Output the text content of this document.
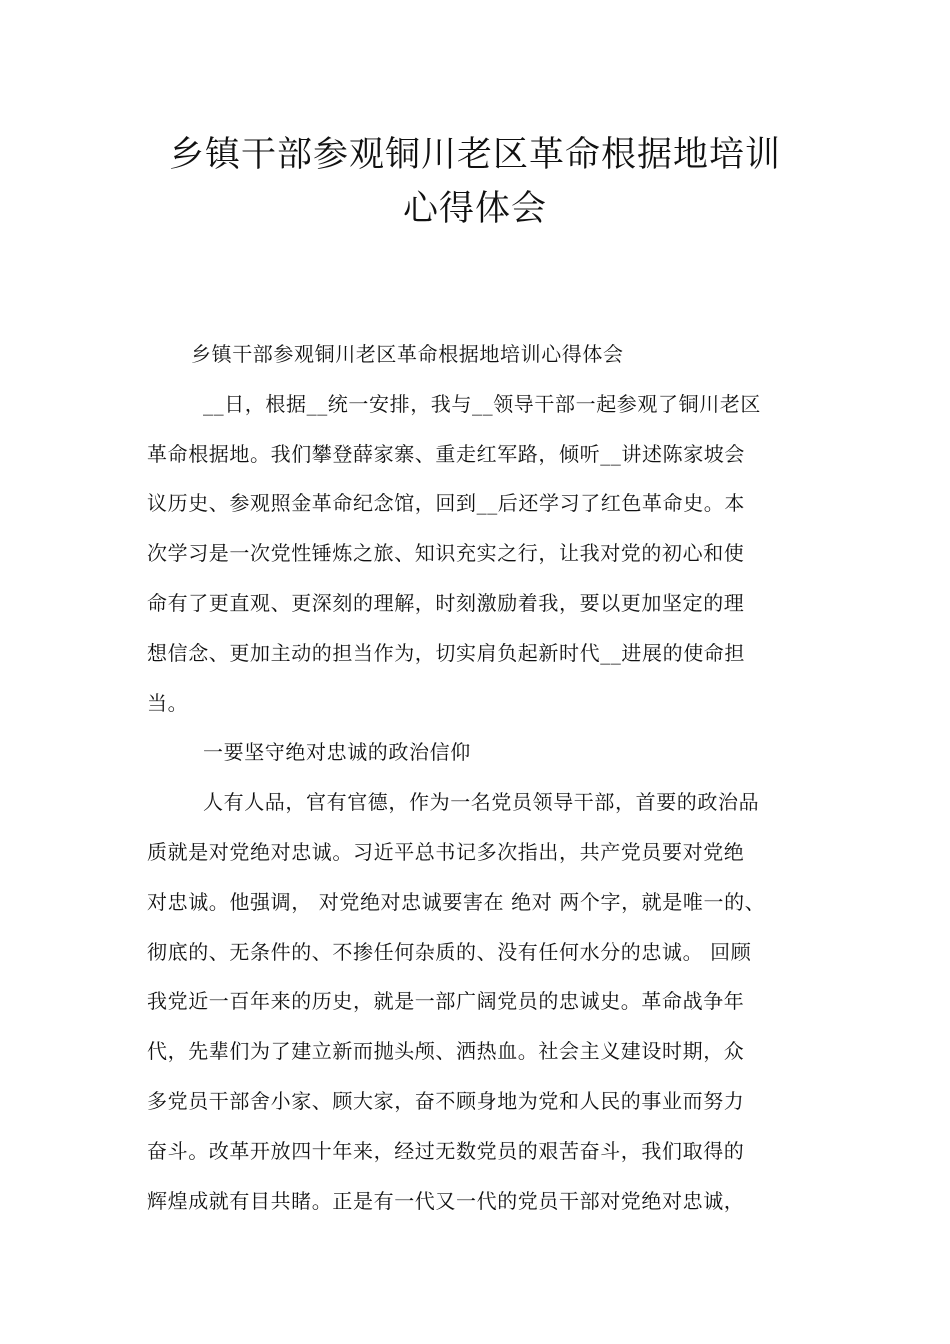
乡镇干部参观铜川老区革命根据地培训
心得体会
乡镇干部参观铜川老区革命根据地培训心得体会
__日，根据__统一安排，我与__领导干部一起参观了铜川老区
革命根据地。我们攀登薛家寨、重走红军路，倾听__讲述陈家坡会
议历史、参观照金革命纪念馆，回到__后还学习了红色革命史。本
次学习是一次党性锤炼之旅、知识充实之行，让我对党的初心和使
命有了更直观、更深刻的理解，时刻激励着我，要以更加坚定的理
想信念、更加主动的担当作为，切实肩负起新时代__进展的使命担
当。
一要坚守绝对忠诚的政治信仰
人有人品，官有官德，作为一名党员领导干部，首要的政治品
质就是对党绝对忠诚。习近平总书记多次指出，共产党员要对党绝
对忠诚。他强调， 对党绝对忠诚要害在 绝对 两个字，就是唯一的、
彻底的、无条件的、不掺任何杂质的、没有任何水分的忠诚。 回顾
我党近一百年来的历史，就是一部广阔党员的忠诚史。革命战争年
代，先辈们为了建立新而抛头颅、洒热血。社会主义建设时期，众
多党员干部舍小家、顾大家，奋不顾身地为党和人民的事业而努力
奋斗。改革开放四十年来，经过无数党员的艰苦奋斗，我们取得的
辉煌成就有目共睹。正是有一代又一代的党员干部对党绝对忠诚，
